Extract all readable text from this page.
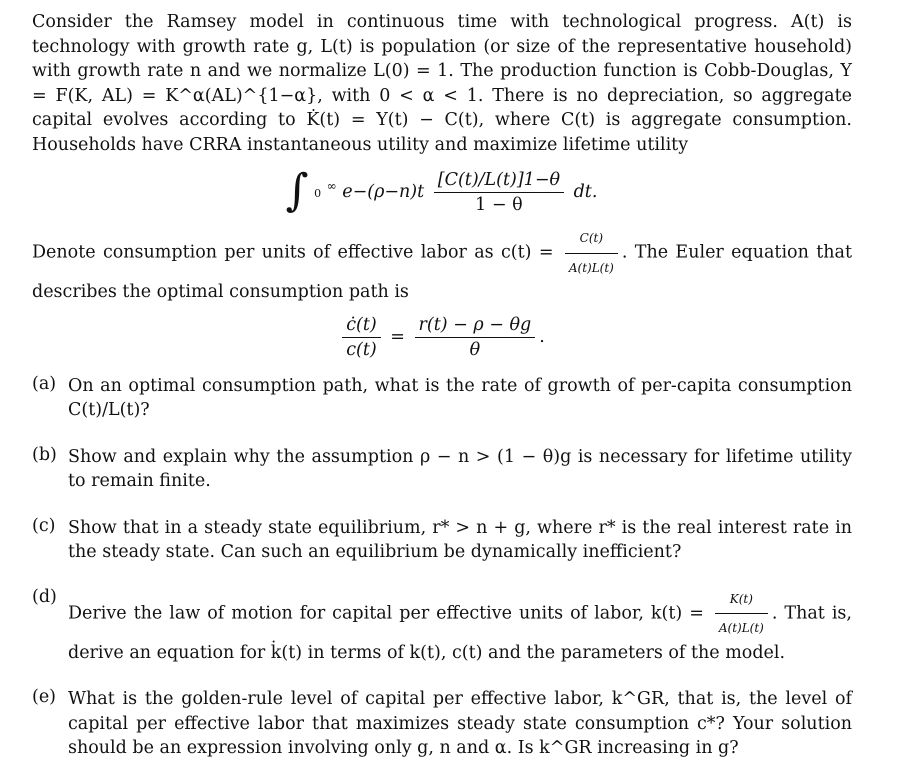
Consider the Ramsey model in continuous time with technological progress. A(t) is technology with growth rate g, L(t) is population (or size of the representative household) with growth rate n and we normalize L(0) = 1. The production function is Cobb-Douglas, Y = F(K, AL) = K^α(AL)^{1−α}, with 0 < α < 1. There is no depreciation, so aggregate capital evolves according to K̇(t) = Y(t) − C(t), where C(t) is aggregate consumption. Households have CRRA instantaneous utility and maximize lifetime utility

∫ 0 ∞ $e-(\rho-n)t \frac{[C(t)/L(t)]1-\theta}{1 - \theta}$ dt.

Denote consumption per units of effective labor as $c(t) = \frac{C(t)}{A(t)L(t)}$ . The Euler equation that describes the optimal consumption path is

$\frac{ċ(t)}{c(t)} = \frac{r(t) - \rho - \theta g}{\theta}$ .
(a) On an optimal consumption path, what is the rate of growth of per-capita consumption C(t)/L(t)?
(b) Show and explain why the assumption ρ − n > (1 − θ)g is necessary for lifetime utility to remain finite.
(c) Show that in a steady state equilibrium, r* > n + g, where r* is the real interest rate in the steady state. Can such an equilibrium be dynamically inefficient?
(d)
Derive the law of motion for capital per effective units of labor, $k(t) = \frac{K(t)}{A(t)L(t)}$ . That is, derive an equation for k̇(t) in terms of k(t), c(t) and the parameters of the model.
(e) What is the golden-rule level of capital per effective labor, k^GR, that is, the level of capital per effective labor that maximizes steady state consumption c*? Your solution should be an expression involving only g, n and α. Is k^GR increasing in g?
